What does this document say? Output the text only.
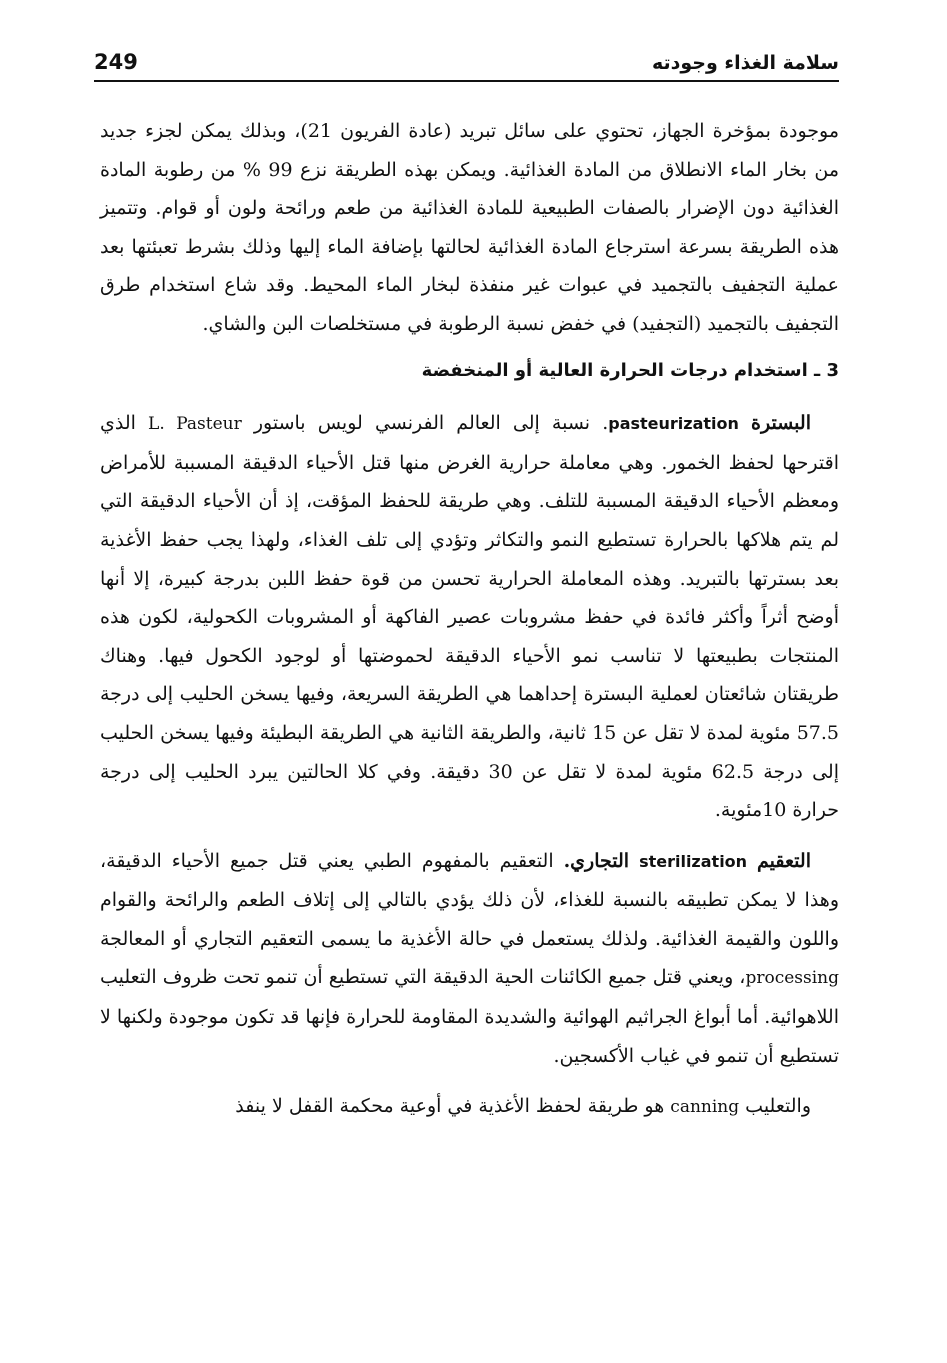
سلامة الغذاء وجودته
249

موجودة بمؤخرة الجهاز، تحتوي على سائل تبريد (عادة الفريون 21)، وبذلك يمكن لجزء جديد من بخار الماء الانطلاق من المادة الغذائية. ويمكن بهذه الطريقة نزع 99 % من رطوبة المادة الغذائية دون الإضرار بالصفات الطبيعية للمادة الغذائية من طعم ورائحة ولون أو قوام. وتتميز هذه الطريقة بسرعة استرجاع المادة الغذائية لحالتها بإضافة الماء إليها وذلك بشرط تعبئتها بعد عملية التجفيف بالتجميد في عبوات غير منفذة لبخار الماء المحيط. وقد شاع استخدام طرق التجفيف بالتجميد (التجفيد) في خفض نسبة الرطوبة في مستخلصات البن والشاي.

3 ـ استخدام درجات الحرارة العالية أو المنخفضة

البسترة pasteurization. نسبة إلى العالم الفرنسي لويس باستور L. Pasteur الذي اقترحها لحفظ الخمور. وهي معاملة حرارية الغرض منها قتل الأحياء الدقيقة المسببة للأمراض ومعظم الأحياء الدقيقة المسببة للتلف. وهي طريقة للحفظ المؤقت، إذ أن الأحياء الدقيقة التي لم يتم هلاكها بالحرارة تستطيع النمو والتكاثر وتؤدي إلى تلف الغذاء، ولهذا يجب حفظ الأغذية بعد بسترتها بالتبريد. وهذه المعاملة الحرارية تحسن من قوة حفظ اللبن بدرجة كبيرة، إلا أنها أوضح أثراً وأكثر فائدة في حفظ مشروبات عصير الفاكهة أو المشروبات الكحولية، لكون هذه المنتجات بطبيعتها لا تناسب نمو الأحياء الدقيقة لحموضتها أو لوجود الكحول فيها. وهناك طريقتان شائعتان لعملية البسترة إحداهما هي الطريقة السريعة، وفيها يسخن الحليب إلى درجة 57.5 مئوية لمدة لا تقل عن 15 ثانية، والطريقة الثانية هي الطريقة البطيئة وفيها يسخن الحليب إلى درجة 62.5 مئوية لمدة لا تقل عن 30 دقيقة. وفي كلا الحالتين يبرد الحليب إلى درجة حرارة 10مئوية.

التعقيم sterilization التجاري. التعقيم بالمفهوم الطبي يعني قتل جميع الأحياء الدقيقة، وهذا لا يمكن تطبيقه بالنسبة للغذاء، لأن ذلك يؤدي بالتالي إلى إتلاف الطعم والرائحة والقوام واللون والقيمة الغذائية. ولذلك يستعمل في حالة الأغذية ما يسمى التعقيم التجاري أو المعالجة processing، ويعني قتل جميع الكائنات الحية الدقيقة التي تستطيع أن تنمو تحت ظروف التعليب اللاهوائية. أما أبواغ الجراثيم الهوائية والشديدة المقاومة للحرارة فإنها قد تكون موجودة ولكنها لا تستطيع أن تنمو في غياب الأكسجين.

والتعليب canning هو طريقة لحفظ الأغذية في أوعية محكمة القفل لا ينفذ
